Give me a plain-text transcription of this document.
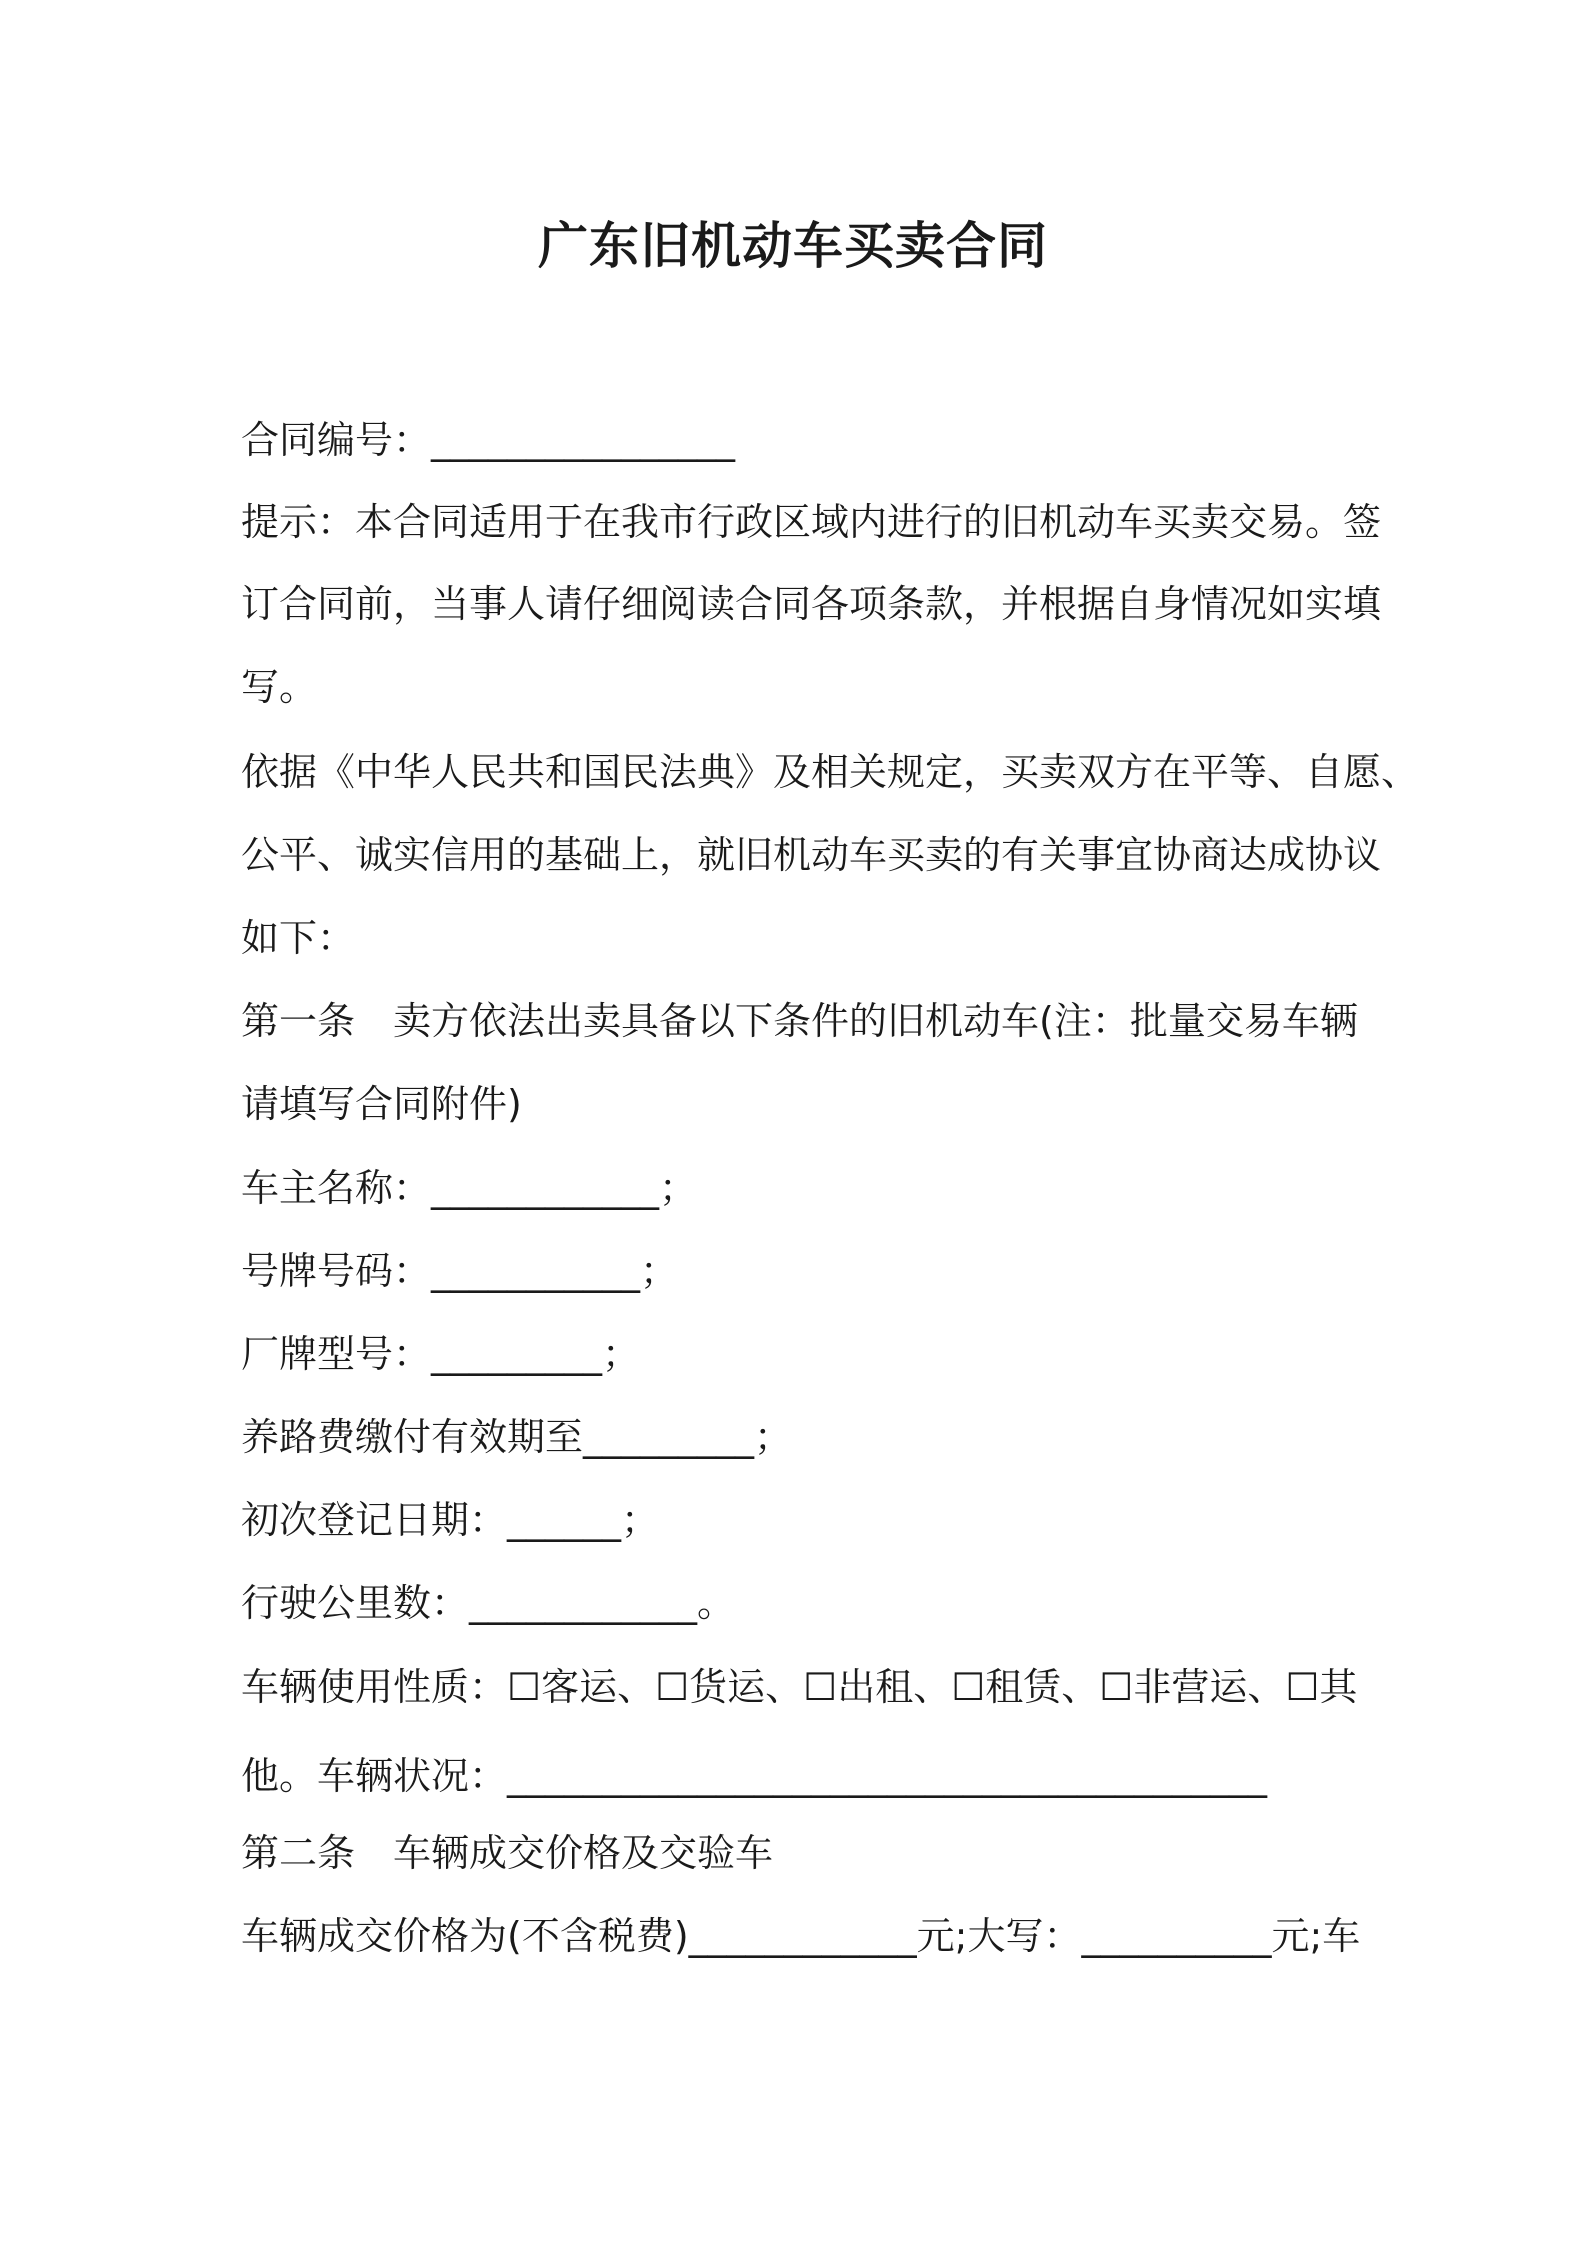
广东旧机动车买卖合同
合同编号：________________
提示：本合同适用于在我市行政区域内进行的旧机动车买卖交易。签
订合同前，当事人请仔细阅读合同各项条款，并根据自身情况如实填
写。
依据《中华人民共和国民法典》及相关规定，买卖双方在平等、自愿、
公平、诚实信用的基础上，就旧机动车买卖的有关事宜协商达成协议
如下：
第一条　卖方依法出卖具备以下条件的旧机动车(注：批量交易车辆
请填写合同附件)
车主名称：____________；
号牌号码：___________；
厂牌型号：_________；
养路费缴付有效期至_________；
初次登记日期：______；
行驶公里数：____________。
车辆使用性质：☐客运、☐货运、☐出租、☐租赁、☐非营运、☐其
他。车辆状况：________________________________________
第二条　车辆成交价格及交验车
车辆成交价格为(不含税费)____________元;大写：__________元;车
